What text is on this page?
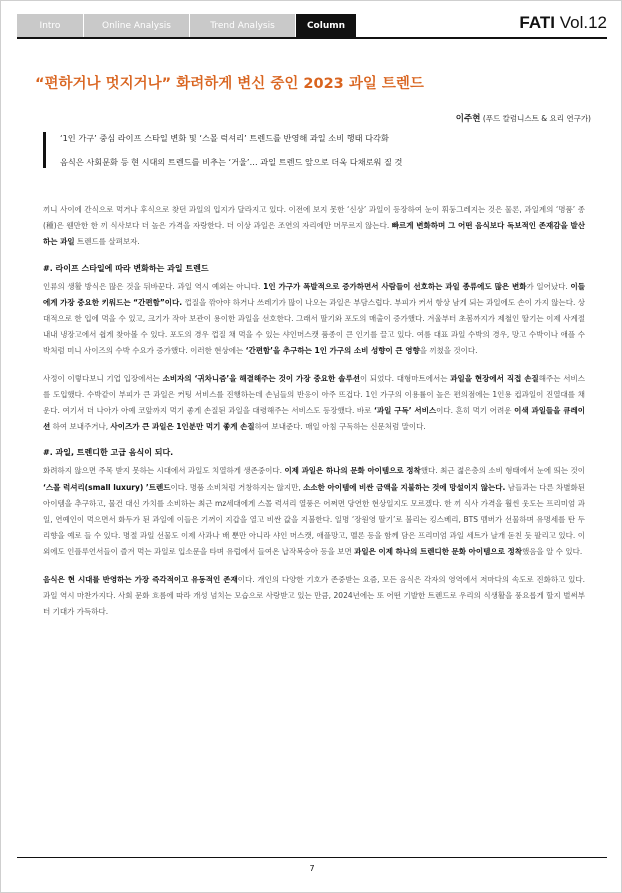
Intro	Online Analysis	Trend Analysis	Column	FATI Vol.12
“편하거나 멋지거나” 화려하게 변신 중인 2023 과일 트렌드
이주현 (푸드 칼럼니스트 & 요리 연구가)

‘1인 가구’ 중심 라이프 스타일 변화 및 ‘스몰 럭셔리’ 트렌드를 반영해 과일 소비 행태 다각화

음식은 사회문화 등 현 시대의 트렌드를 비추는 ‘거울’… 과일 트렌드 앞으로 더욱 다채로워 질 것

끼니 사이에 간식으로 먹거나 후식으로 찾던 과일의 입지가 달라지고 있다. 이전에 보지 못한 ‘신상’ 과일이 등장하여 눈이 휘둥그레지는 것은 물론, 과일계의 ‘명품’ 종(種)은 웬만한 한 끼 식사보다 더 높은 가격을 자랑한다. 더 이상 과일은 조연의 자리에만 머무르지 않는다. 빠르게 변화하며 그 어떤 음식보다 독보적인 존재감을 발산하는 과일 트렌드를 살펴보자.

#. 라이프 스타일에 따라 변화하는 과일 트렌드

인류의 생활 방식은 많은 것을 뒤바꾼다. 과일 역시 예외는 아니다. 1인 가구가 폭발적으로 증가하면서 사람들이 선호하는 과일 종류에도 많은 변화가 일어났다. 이들에게 가장 중요한 키워드는 “간편함”이다. 껍질을 깎아야 하거나 쓰레기가 많이 나오는 과일은 부담스럽다. 부피가 커서 항상 남게 되는 과일에도 손이 가지 않는다. 상대적으로 한 입에 먹을 수 있고, 크기가 작아 보관이 용이한 과일을 선호한다. 그래서 딸기와 포도의 매출이 증가했다. 겨울부터 초봄까지가 제철인 딸기는 이제 사계절 내내 냉장고에서 쉽게 찾아볼 수 있다. 포도의 경우 껍질 채 먹을 수 있는 샤인머스캣 품종이 큰 인기를 끌고 있다. 여름 대표 과일 수박의 경우, 망고 수박이나 애플 수박처럼 미니 사이즈의 수박 수요가 증가했다. 이러한 현상에는 ‘간편함’을 추구하는 1인 가구의 소비 성향이 큰 영향을 끼쳤을 것이다.

사정이 이렇다보니 기업 입장에서는 소비자의 ‘귀차니즘’을 해결해주는 것이 가장 중요한 솔루션이 되었다. 대형마트에서는 과일을 현장에서 직접 손질해주는 서비스를 도입했다. 수박같이 부피가 큰 과일은 커팅 서비스를 진행하는데 손님들의 반응이 아주 뜨겁다. 1인 가구의 이용률이 높은 편의점에는 1인용 컵과일이 진열대를 채운다. 여기서 더 나아가 아예 코앞까지 먹기 좋게 손질된 과일을 대령해주는 서비스도 등장했다. 바로 ‘과일 구독’ 서비스이다. 흔히 먹기 어려운 이색 과일들을 큐레이션 하여 보내주거나, 사이즈가 큰 과일은 1인분만 먹기 좋게 손질하여 보내준다. 매일 아침 구독하는 신문처럼 말이다.

#. 과일, 트렌디한 고급 음식이 되다.

화려하지 않으면 주목 받지 못하는 시대에서 과일도 치열하게 생존중이다. 이제 과일은 하나의 문화 아이템으로 정착했다. 최근 젊은층의 소비 형태에서 눈에 띄는 것이 ‘스몰 럭셔리(small luxury) ’트렌드이다. 명품 소비처럼 거창하지는 않지만, 소소한 아이템에 비싼 금액을 지불하는 것에 망설이지 않는다. 남들과는 다른 차별화된 아이템을 추구하고, 물건 대신 가치를 소비하는 최근 mz세대에게 스몰 럭셔리 열풍은 어쩌면 당연한 현상일지도 모르겠다. 한 끼 식사 가격을 훨씬 웃도는 프리미엄 과일, 연예인이 먹으면서 화두가 된 과일에 이들은 기꺼이 지갑을 열고 비싼 값을 지불한다. 일명 ‘장원영 딸기’로 불리는 킹스베리, BTS 멤버가 선물하며 유명세를 탄 두리향을 예로 들 수 있다. 명절 과일 선물도 이제 사과나 배 뿐만 아니라 샤인 머스캣, 애플망고, 멜론 등을 함께 담은 프리미엄 과일 세트가 날개 돋친 듯 팔리고 있다. 이 외에도 인플루언서들이 즐겨 먹는 과일로 입소문을 타며 유럽에서 들여온 납작복숭아 등을 보면 과일은 이제 하나의 트렌디한 문화 아이템으로 정착했음을 알 수 있다.

음식은 현 시대를 반영하는 가장 즉각적이고 유동적인 존재이다. 개인의 다양한 기호가 존중받는 요즘, 모든 음식은 각자의 영역에서 저마다의 속도로 진화하고 있다. 과일 역시 마찬가지다. 사회 문화 흐름에 따라 개성 넘치는 모습으로 사랑받고 있는 만큼, 2024년에는 또 어떤 기발한 트렌드로 우리의 식생활을 풍요롭게 할지 벌써부터 기대가 가득하다.

7
